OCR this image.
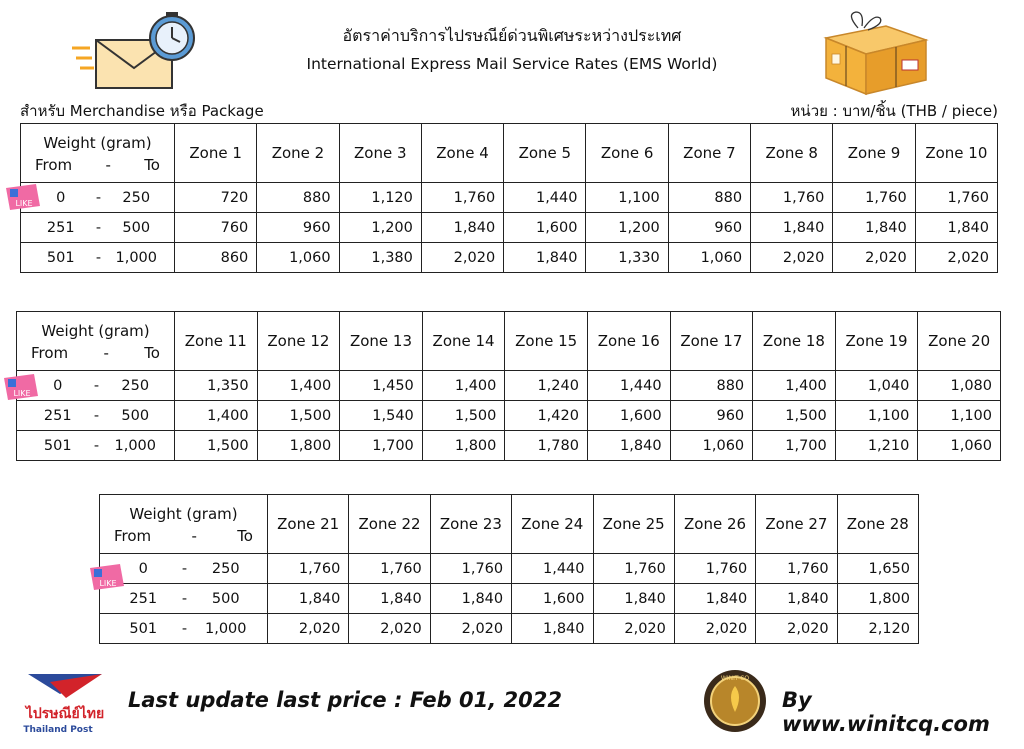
อัตราค่าบริการไปรษณีย์ด่วนพิเศษระหว่างประเทศ
International Express Mail Service Rates (EMS World)
สำหรับ Merchandise หรือ Package	หน่วย : บาท/ชิ้น (THB / piece)
Weight (gram)
From - To	Zone 1	Zone 2	Zone 3	Zone 4	Zone 5	Zone 6	Zone 7	Zone 8	Zone 9	Zone 10

0 - 250	720	880	1,120	1,760	1,440	1,100	880	1,760	1,760	1,760

251 - 500	760	960	1,200	1,840	1,600	1,200	960	1,840	1,840	1,840

501 - 1,000	860	1,060	1,380	2,020	1,840	1,330	1,060	2,020	2,020	2,020
Weight (gram)
From - To	Zone 11	Zone 12	Zone 13	Zone 14	Zone 15	Zone 16	Zone 17	Zone 18	Zone 19	Zone 20

0 - 250	1,350	1,400	1,450	1,400	1,240	1,440	880	1,400	1,040	1,080

251 - 500	1,400	1,500	1,540	1,500	1,420	1,600	960	1,500	1,100	1,100

501 - 1,000	1,500	1,800	1,700	1,800	1,780	1,840	1,060	1,700	1,210	1,060
Weight (gram)
From - To	Zone 21	Zone 22	Zone 23	Zone 24	Zone 25	Zone 26	Zone 27	Zone 28

0 - 250	1,760	1,760	1,760	1,440	1,760	1,760	1,760	1,650

251 - 500	1,840	1,840	1,840	1,600	1,840	1,840	1,840	1,800

501 - 1,000	2,020	2,020	2,020	1,840	2,020	2,020	2,020	2,120
LIKE
LIKE
LIKE
ไปรษณีย์ไทย
Thailand Post
Last update last price : Feb 01, 2022
WINIT-CQ
By www.winitcq.com
